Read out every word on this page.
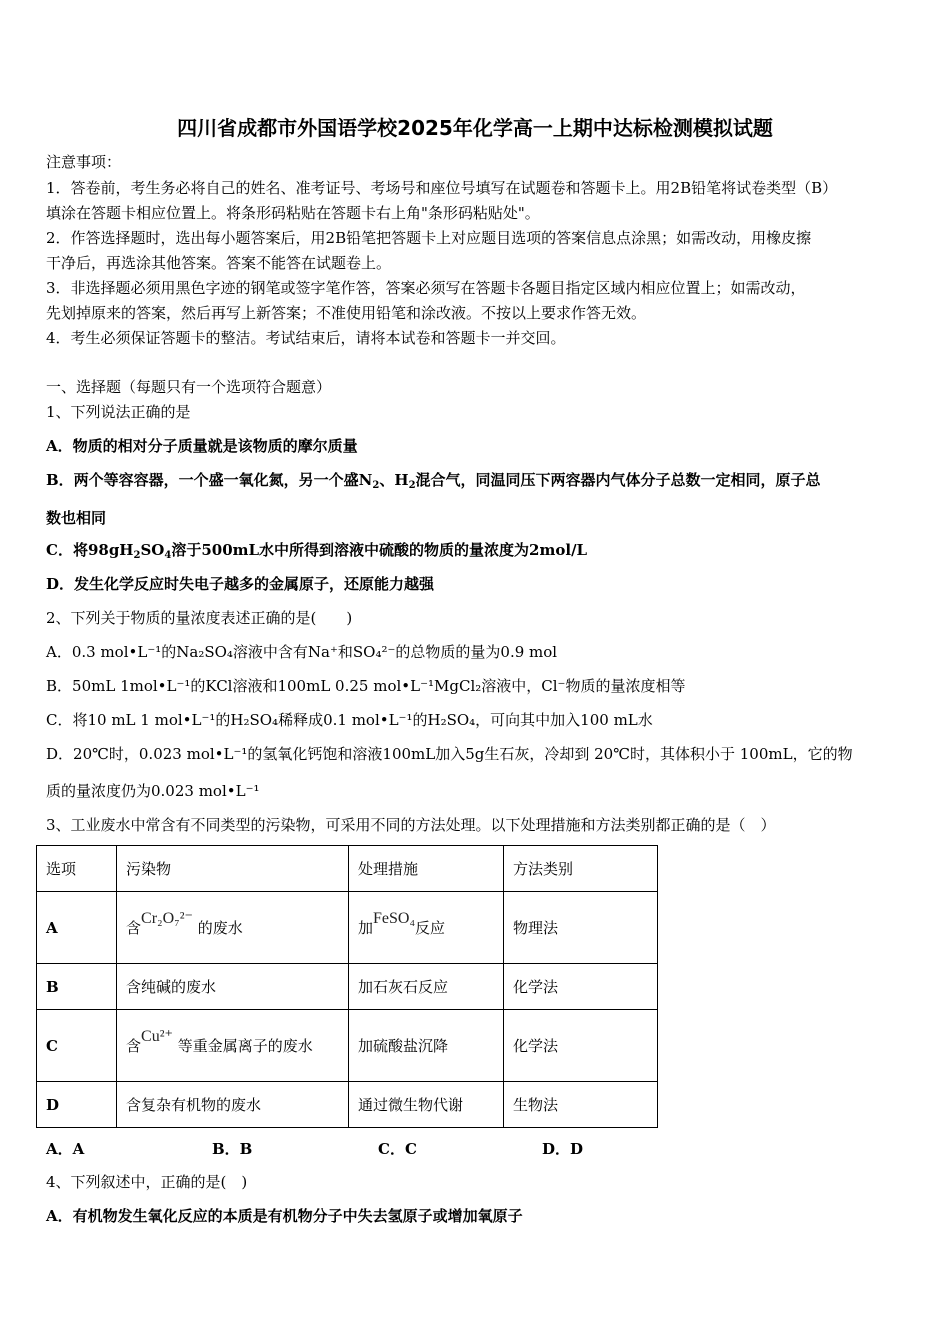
四川省成都市外国语学校2025年化学高一上期中达标检测模拟试题
注意事项：
1．答卷前，考生务必将自己的姓名、准考证号、考场号和座位号填写在试题卷和答题卡上。用2B铅笔将试卷类型（B）
填涂在答题卡相应位置上。将条形码粘贴在答题卡右上角"条形码粘贴处"。
2．作答选择题时，选出每小题答案后，用2B铅笔把答题卡上对应题目选项的答案信息点涂黑；如需改动，用橡皮擦
干净后，再选涂其他答案。答案不能答在试题卷上。
3．非选择题必须用黑色字迹的钢笔或签字笔作答，答案必须写在答题卡各题目指定区域内相应位置上；如需改动，
先划掉原来的答案，然后再写上新答案；不准使用铅笔和涂改液。不按以上要求作答无效。
4．考生必须保证答题卡的整洁。考试结束后，请将本试卷和答题卡一并交回。
一、选择题（每题只有一个选项符合题意）
1、下列说法正确的是
A．物质的相对分子质量就是该物质的摩尔质量
B．两个等容容器，一个盛一氧化氮，另一个盛$N_2$、$H_2$混合气，同温同压下两容器内气体分子总数一定相同，原子总
数也相同
C．将$98gH_2SO_4$溶于500mL水中所得到溶液中硫酸的物质的量浓度为2mol/L
D．发生化学反应时失电子越多的金属原子，还原能力越强
2、下列关于物质的量浓度表述正确的是(　　)
A．0.3 mol•L⁻¹的Na₂SO₄溶液中含有Na⁺和SO₄²⁻的总物质的量为0.9 mol
B．50mL 1mol•L⁻¹的KCl溶液和100mL 0.25 mol•L⁻¹MgCl₂溶液中，Cl⁻物质的量浓度相等
C．将10 mL 1 mol•L⁻¹的H₂SO₄稀释成0.1 mol•L⁻¹的H₂SO₄，可向其中加入100 mL水
D．20℃时，0.023 mol•L⁻¹的氢氧化钙饱和溶液100mL加入5g生石灰，冷却到 20℃时，其体积小于 100mL，它的物
质的量浓度仍为0.023 mol•L⁻¹
3、工业废水中常含有不同类型的污染物，可采用不同的方法处理。以下处理措施和方法类别都正确的是（　）
选项	污染物	处理措施	方法类别
A	含Cr₂O₇²⁻ 的废水	加FeSO₄反应	物理法
B	含纯碱的废水	加石灰石反应	化学法
C	含Cu²⁺ 等重金属离子的废水	加硫酸盐沉降	化学法
D	含复杂有机物的废水	通过微生物代谢	生物法
A．A	B．B	C．C	D．D
4、下列叙述中，正确的是(　)
A．有机物发生氧化反应的本质是有机物分子中失去氢原子或增加氧原子
